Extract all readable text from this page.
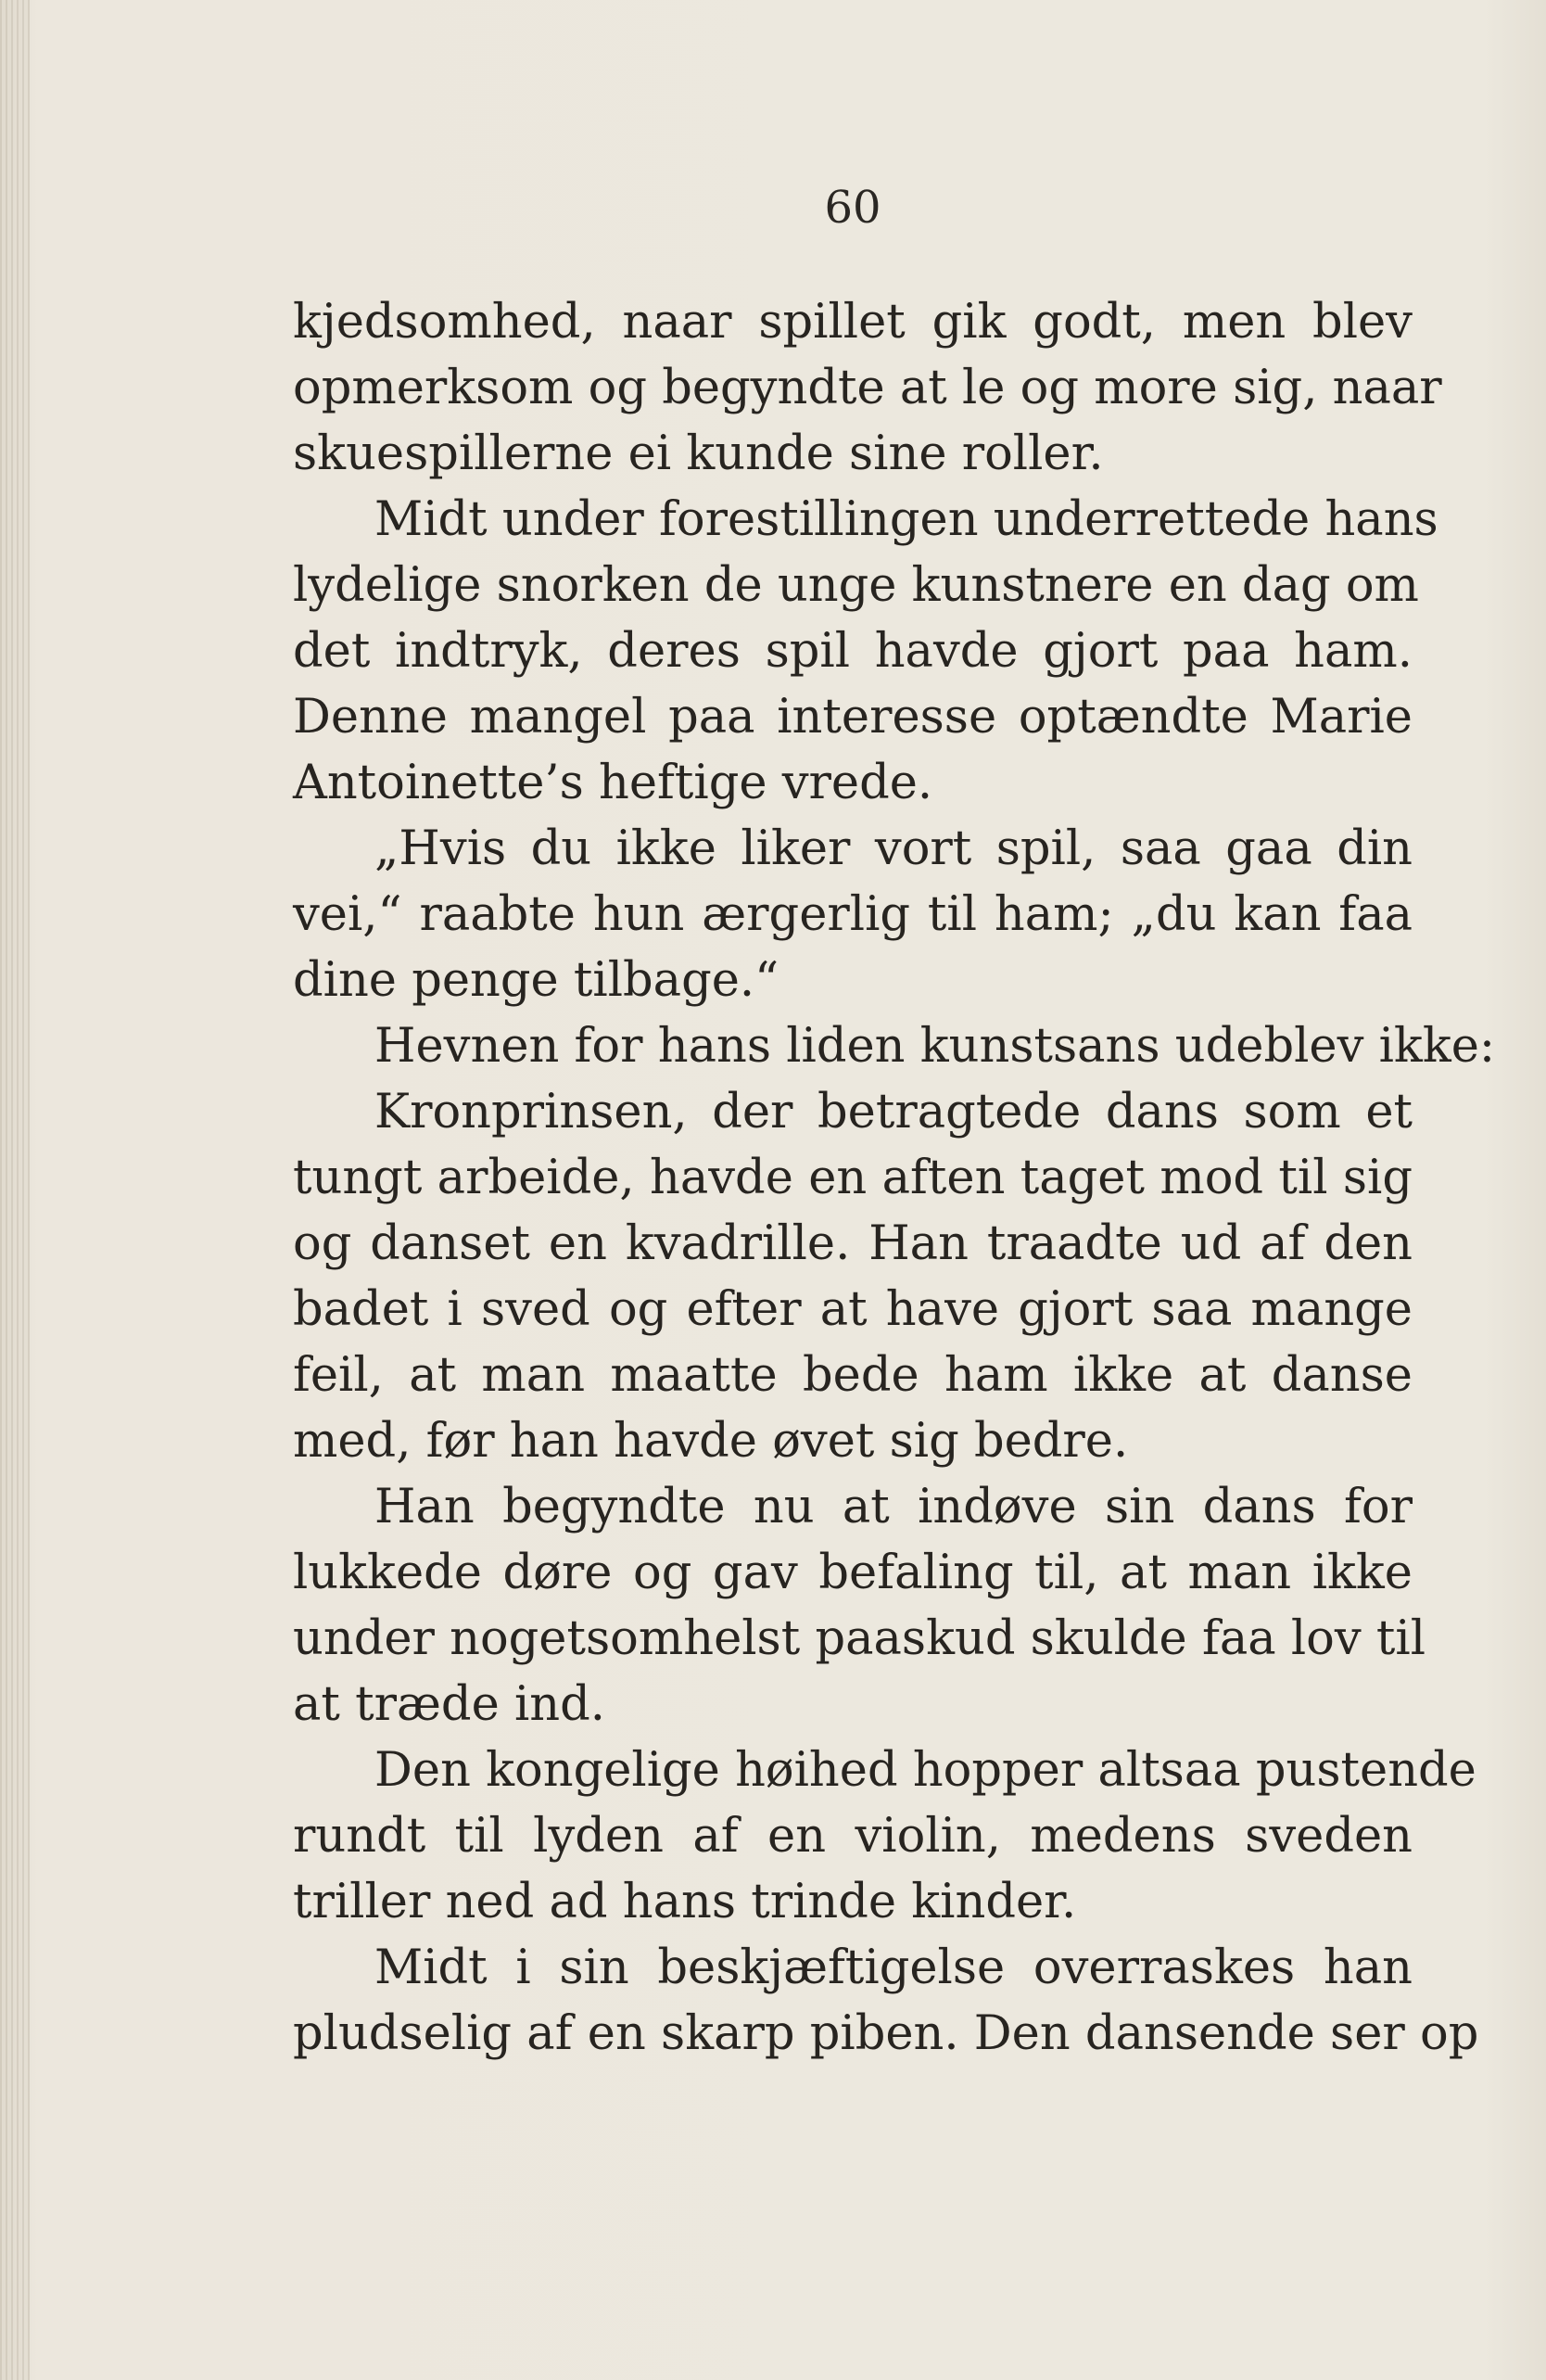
60
kjedsomhed, naar spillet gik godt, men blev
opmerksom og begyndte at le og more sig, naar
skuespillerne ei kunde sine roller.
Midt under forestillingen underrettede hans
lydelige snorken de unge kunstnere en dag om
det indtryk, deres spil havde gjort paa ham.
Denne mangel paa interesse optændte Marie
Antoinette’s heftige vrede.
„Hvis du ikke liker vort spil, saa gaa din
vei,“ raabte hun ærgerlig til ham; „du kan faa
dine penge tilbage.“
Hevnen for hans liden kunstsans udeblev ikke:
Kronprinsen, der betragtede dans som et
tungt arbeide, havde en aften taget mod til sig
og danset en kvadrille. Han traadte ud af den
badet i sved og efter at have gjort saa mange
feil, at man maatte bede ham ikke at danse
med, før han havde øvet sig bedre.
Han begyndte nu at indøve sin dans for
lukkede døre og gav befaling til, at man ikke
under nogetsomhelst paaskud skulde faa lov til
at træde ind.
Den kongelige høihed hopper altsaa pustende
rundt til lyden af en violin, medens sveden
triller ned ad hans trinde kinder.
Midt i sin beskjæftigelse overraskes han
pludselig af en skarp piben. Den dansende ser op
